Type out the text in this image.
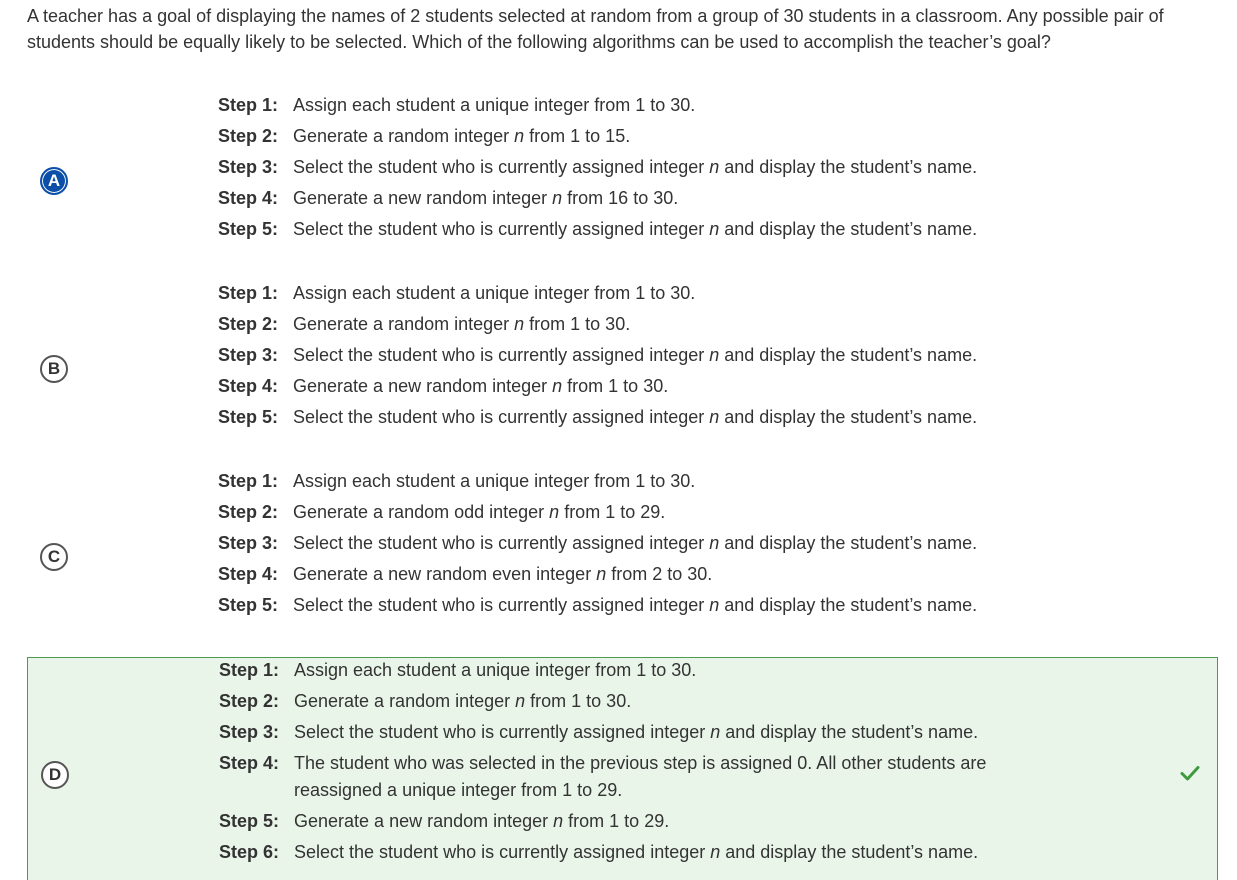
A teacher has a goal of displaying the names of 2 students selected at random from a group of 30 students in a classroom. Any possible pair of students should be equally likely to be selected. Which of the following algorithms can be used to accomplish the teacher’s goal?
A
Step 1: Assign each student a unique integer from 1 to 30.
Step 2: Generate a random integer n from 1 to 15.
Step 3: Select the student who is currently assigned integer n and display the student’s name.
Step 4: Generate a new random integer n from 16 to 30.
Step 5: Select the student who is currently assigned integer n and display the student’s name.
B
Step 1: Assign each student a unique integer from 1 to 30.
Step 2: Generate a random integer n from 1 to 30.
Step 3: Select the student who is currently assigned integer n and display the student’s name.
Step 4: Generate a new random integer n from 1 to 30.
Step 5: Select the student who is currently assigned integer n and display the student’s name.
C
Step 1: Assign each student a unique integer from 1 to 30.
Step 2: Generate a random odd integer n from 1 to 29.
Step 3: Select the student who is currently assigned integer n and display the student’s name.
Step 4: Generate a new random even integer n from 2 to 30.
Step 5: Select the student who is currently assigned integer n and display the student’s name.
D
Step 1: Assign each student a unique integer from 1 to 30.
Step 2: Generate a random integer n from 1 to 30.
Step 3: Select the student who is currently assigned integer n and display the student’s name.
Step 4: The student who was selected in the previous step is assigned 0. All other students are reassigned a unique integer from 1 to 29.
Step 5: Generate a new random integer n from 1 to 29.
Step 6: Select the student who is currently assigned integer n and display the student’s name.
